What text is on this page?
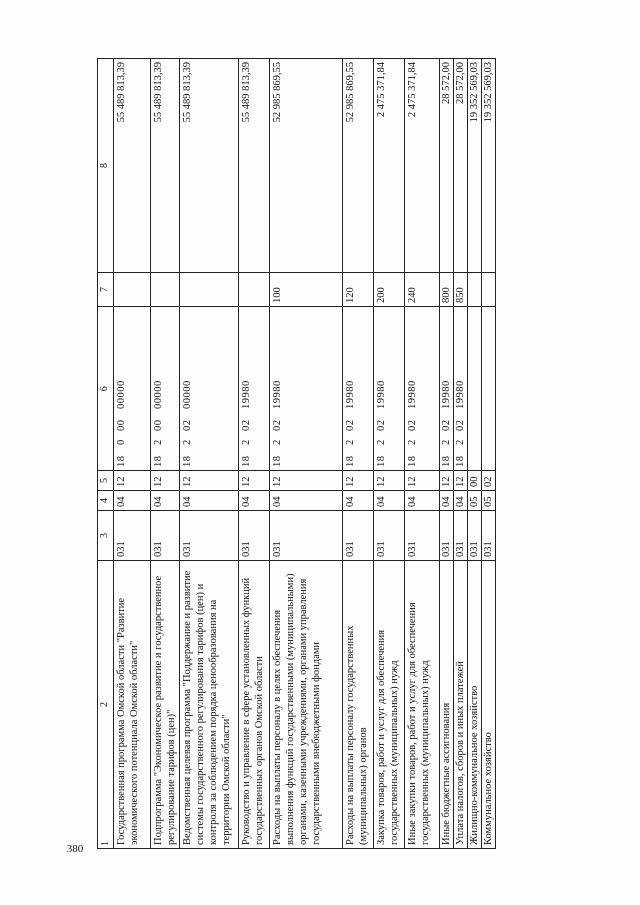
380
2	3	4	5	6	7	8
Государственная программа Омской области "Развитие экономического потенциала Омской области"	031	04	12	1800000000		55 489 813,39
Подпрограмма "Экономическое развитие и государственное регулирование тарифов (цен)"	031	04	12	1820000000		55 489 813,39
Ведомственная целевая программа "Поддержание и развитие системы государственного регулирования тарифов (цен) и контроля за соблюдением порядка ценообразования на территории Омской области"	031	04	12	1820200000		55 489 813,39
Руководство и управление в сфере установленных функций государственных органов Омской области	031	04	12	1820219980		55 489 813,39
Расходы на выплаты персоналу в целях обеспечения выполнения функций государственными (муниципальными) органами, казенными учреждениями, органами управления государственными внебюджетными фондами	031	04	12	1820219980	100	52 985 869,55
Расходы на выплаты персоналу государственных (муниципальных) органов	031	04	12	1820219980	120	52 985 869,55
Закупка товаров, работ и услуг для обеспечения государственных (муниципальных) нужд	031	04	12	1820219980	200	2 475 371,84
Иные закупки товаров, работ и услуг для обеспечения государственных (муниципальных) нужд	031	04	12	1820219980	240	2 475 371,84
Иные бюджетные ассигнования	031	04	12	1820219980	800	28 572,00
Уплата налогов, сборов и иных платежей	031	04	12	1820219980	850	28 572,00
Жилищно-коммунальное хозяйство	031	05	00			19 352 569,03
Коммунальное хозяйство	031	05	02			19 352 569,03
1
